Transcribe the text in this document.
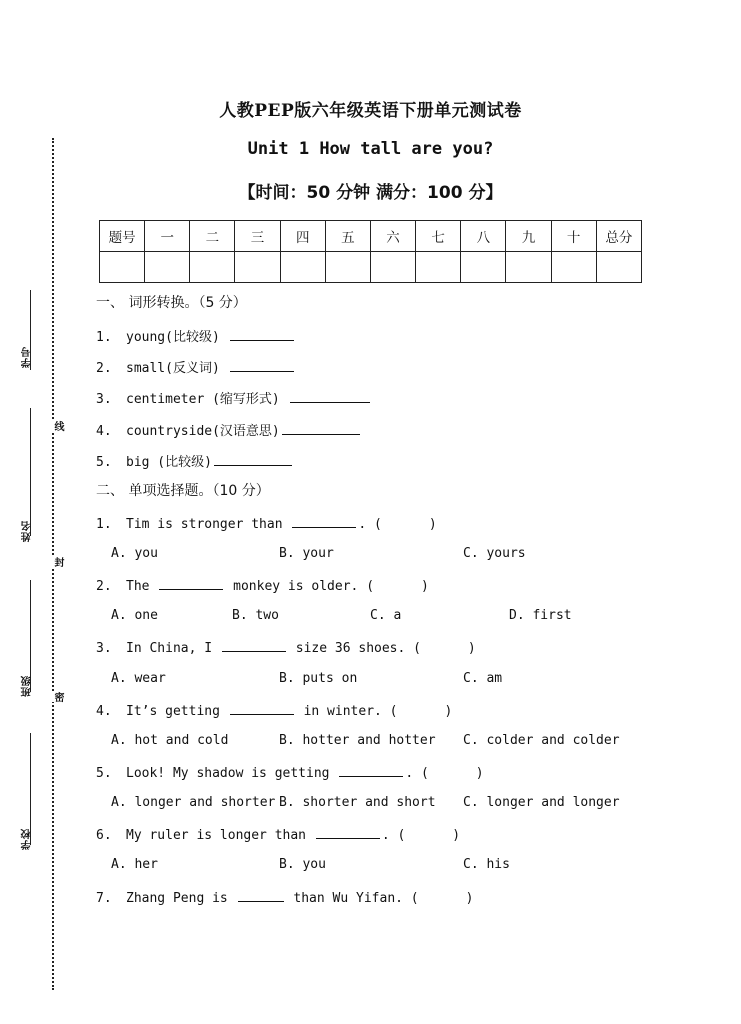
学号
姓名
班级
学校
线
封
密
人教PEP版六年级英语下册单元测试卷
Unit 1 How tall are you?
【时间：50 分钟 满分：100 分】
题号	一	二	三	四	五	六	七	八	九	十	总分

一、 词形转换。（5 分）
1. young(比较级)
2. small(反义词)
3. centimeter (缩写形式)
4. countryside(汉语意思)
5. big (比较级)
二、 单项选择题。（10 分）
1. Tim is stronger than	. (      )
A. you	B. your	C. yours
2. The	monkey is older. (      )
A. one	B. two	C. a	D. first
3. In China, I	size 36 shoes. (      )
A. wear	B. puts on	C. am
4. It’s getting	in winter. (      )
A. hot and cold	B. hotter and hotter C. colder and colder
5. Look! My shadow is getting	. (      )
A. longer and shorter B. shorter and short C. longer and longer
6. My ruler is longer than	. (      )
A. her	B. you	C. his
7. Zhang Peng is	than Wu Yifan. (      )
